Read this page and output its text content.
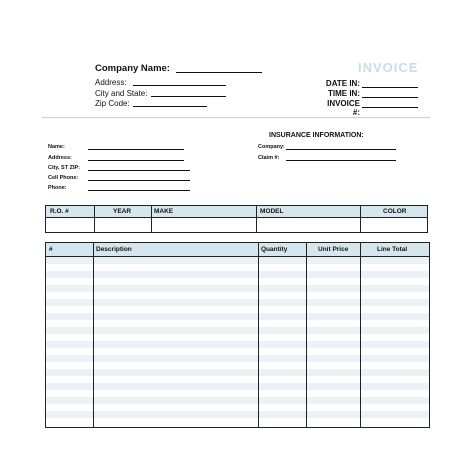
Company Name:
Address:
City and State:
Zip Code:
INVOICE
DATE IN:
TIME IN:
INVOICE #:
Name:
Address:
City, ST ZIP:
Cell Phone:
Phone:
INSURANCE INFORMATION:
Company:
Claim #:
R.O. #	YEAR	MAKE	MODEL	COLOR
#	Description	Quantity	Unit Price	Line Total
